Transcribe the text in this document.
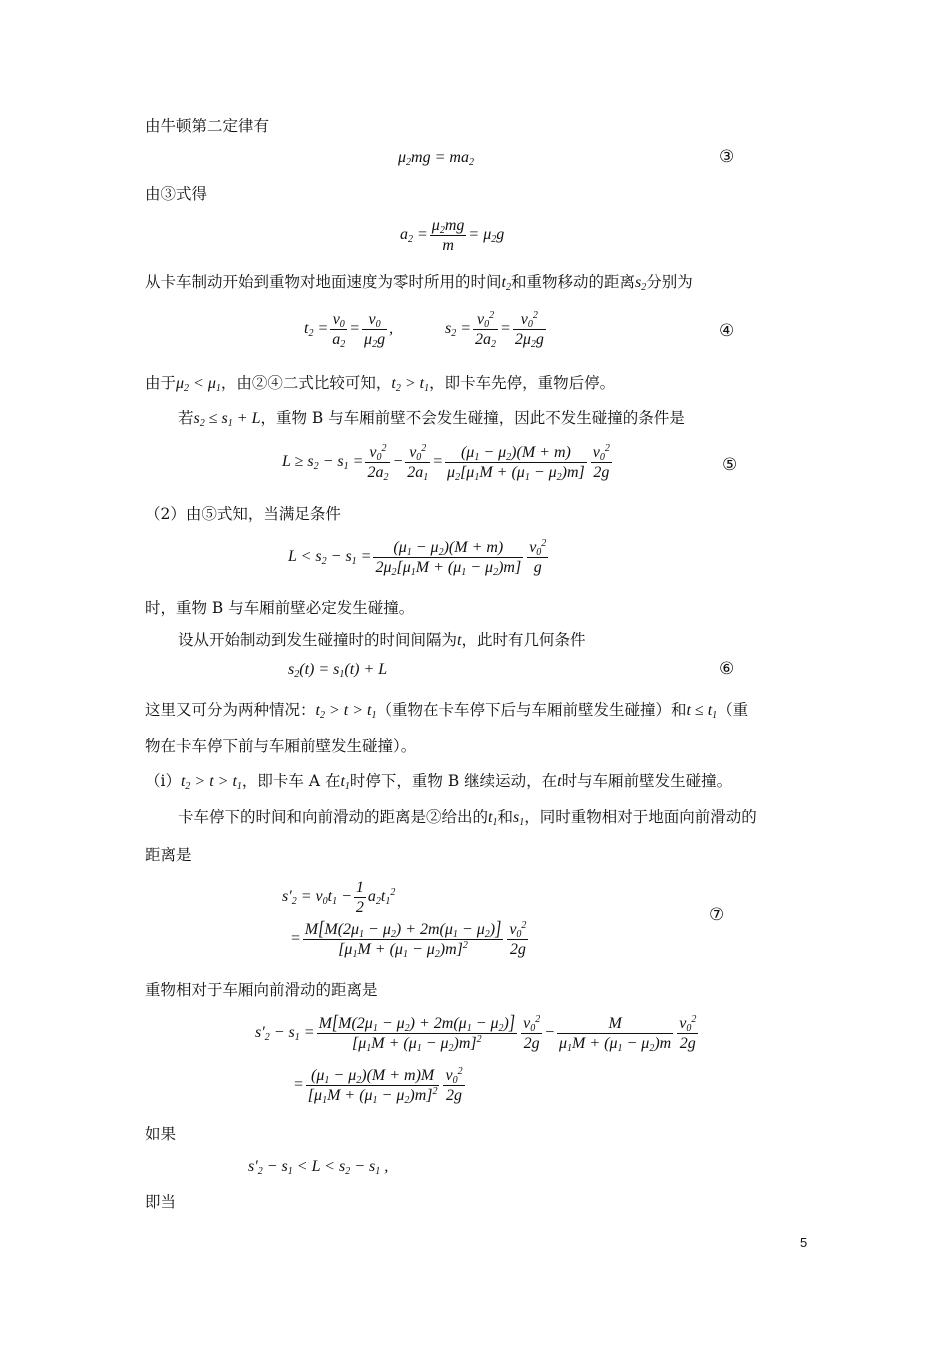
由牛顿第二定律有
$\mu_2mg = ma_2$	③
由③式得
$a_2 = \frac{\mu_2mg}{m} = \mu_2g$
从卡车制动开始到重物对地面速度为零时所用的时间$t_2$和重物移动的距离$s_2$分别为
$t_2 = \frac{v_0}{a_2} = \frac{v_0}{\mu_2g}$ ,	$s_2 = \frac{v_0^2}{2a_2} = \frac{v_0^2}{2\mu_2g}$	④
由于$\mu_2 < \mu_1$，由②④二式比较可知，$t_2 > t_1$，即卡车先停，重物后停。
若$s_2 \le s_1 + L$，重物 B 与车厢前壁不会发生碰撞，因此不发生碰撞的条件是
$L \ge s_2 - s_1 = \frac{v_0^2}{2a_2} - \frac{v_0^2}{2a_1} = \frac{(\mu_1 - \mu_2)(M + m)}{\mu_2[\mu_1M + (\mu_1 - \mu_2)m]} \frac{v_0^2}{2g}$	⑤
（2）由⑤式知，当满足条件
$L < s_2 - s_1 = \frac{(\mu_1 - \mu_2)(M + m)}{2\mu_2[\mu_1M + (\mu_1 - \mu_2)m]} \frac{v_0^2}{g}$
时，重物 B 与车厢前壁必定发生碰撞。
设从开始制动到发生碰撞时的时间间隔为t，此时有几何条件
$s_2(t) = s_1(t) + L$	⑥
这里又可分为两种情况：$t_2 > t > t_1$（重物在卡车停下后与车厢前壁发生碰撞）和$t \le t_1$（重
物在卡车停下前与车厢前壁发生碰撞）。
$(i)t_2 > t > t_1$，即卡车 A 在$t_1$时停下，重物 B 继续运动，在t时与车厢前壁发生碰撞。
卡车停下的时间和向前滑动的距离是②给出的$t_1$和$s_1$，同时重物相对于地面向前滑动的
距离是
$s'_2 = v_0t_1 - \frac{1}{2} a_2t_1^2$
= $\frac{M[M(2\mu_1 - \mu_2) + 2m(\mu_1 - \mu_2)]}{[\mu_1M + (\mu_1 - \mu_2)m]^2} \frac{v_0^2}{2g}$
⑦
重物相对于车厢向前滑动的距离是
$s'_2 - s_1 = \frac{M[M(2\mu_1 - \mu_2) + 2m(\mu_1 - \mu_2)]}{[\mu_1M + (\mu_1 - \mu_2)m]^2} \frac{v_0^2}{2g} - \frac{M}{\mu_1M + (\mu_1 - \mu_2)m} \frac{v_0^2}{2g}$
= $\frac{(\mu_1 - \mu_2)(M + m)M}{[\mu_1M + (\mu_1 - \mu_2)m]^2} \frac{v_0^2}{2g}$
如果
$s'_2 - s_1 < L < s_2 - s_1$ ,
即当
5
